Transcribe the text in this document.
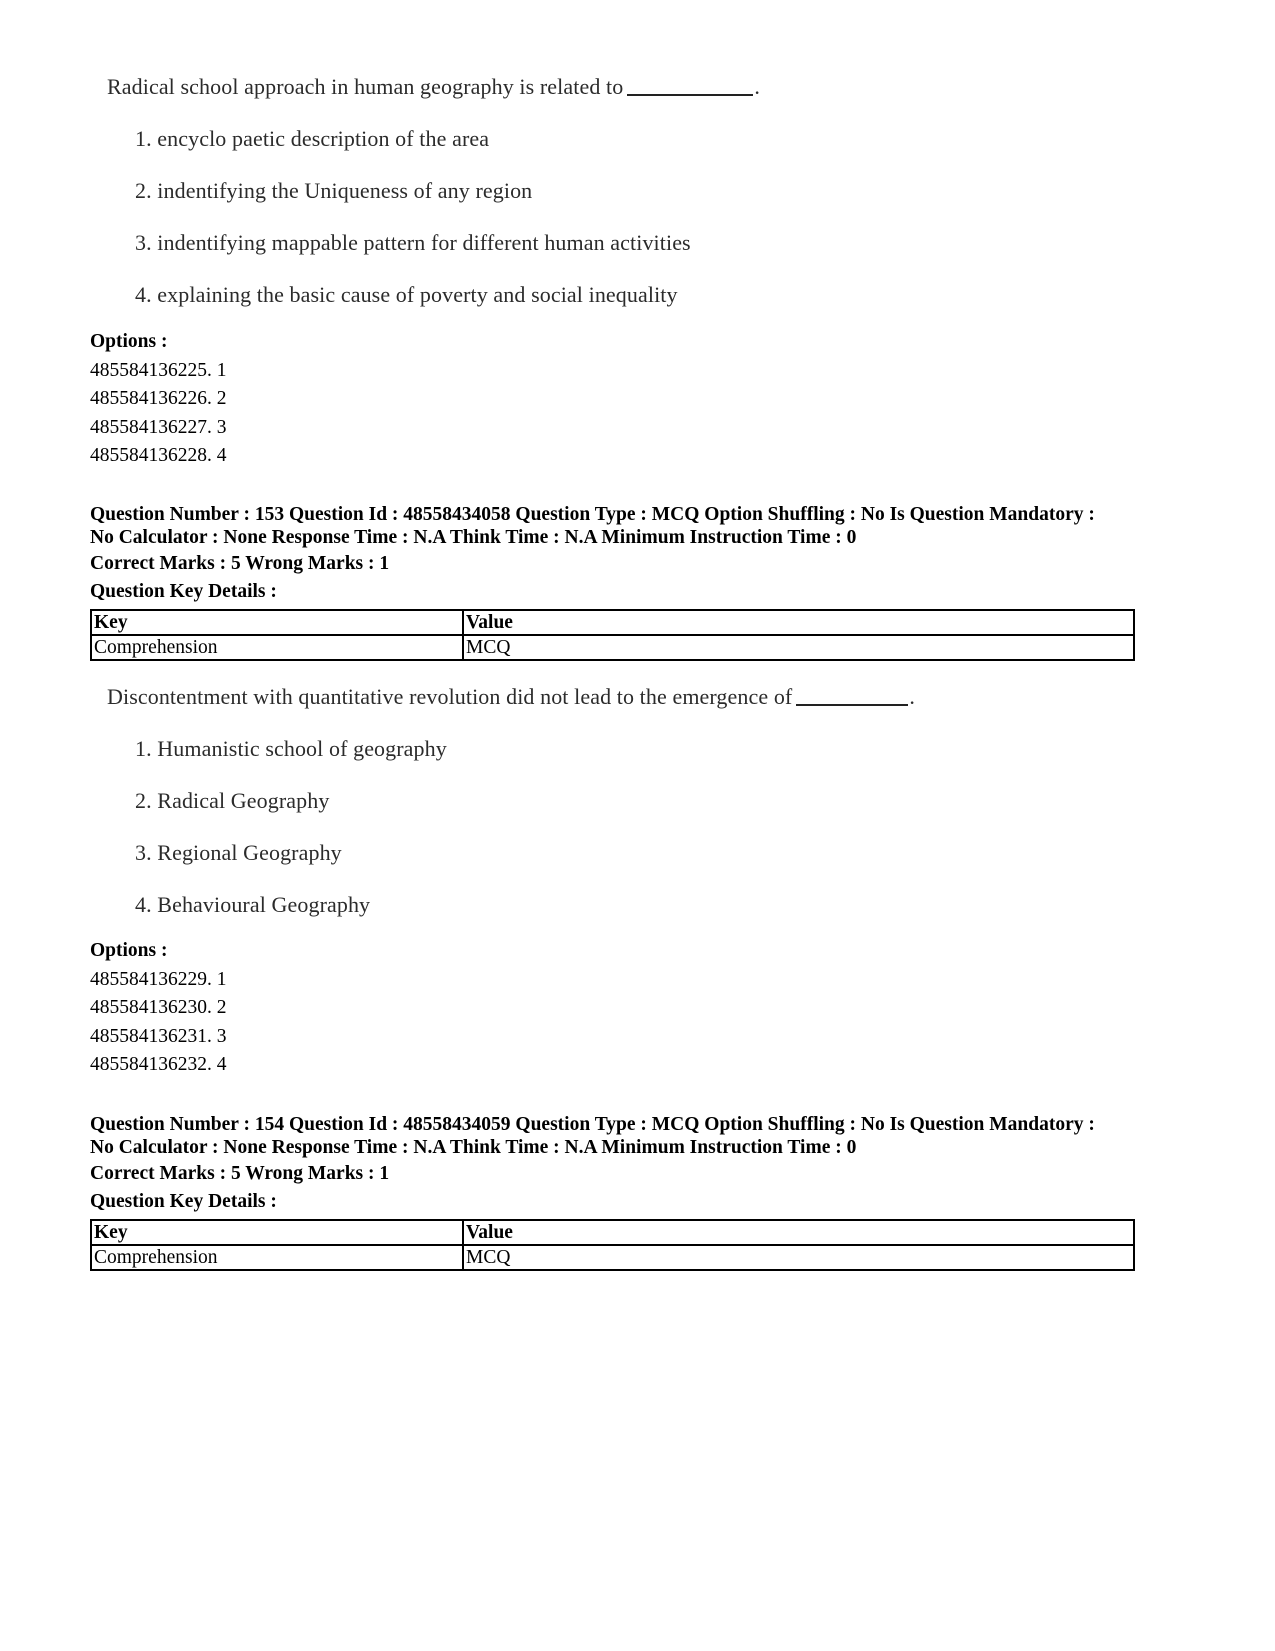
Radical school approach in human geography is related to	.
1. encyclo paetic description of the area
2. indentifying the Uniqueness of any region
3. indentifying mappable pattern for different human activities
4. explaining the basic cause of poverty and social inequality
Options :
485584136225. 1
485584136226. 2
485584136227. 3
485584136228. 4
Question Number : 153 Question Id : 48558434058 Question Type : MCQ Option Shuffling : No Is Question Mandatory :
No Calculator : None Response Time : N.A Think Time : N.A Minimum Instruction Time : 0
Correct Marks : 5 Wrong Marks : 1
Question Key Details :
Key	Value
Comprehension	MCQ
Discontentment with quantitative revolution did not lead to the emergence of	.
1. Humanistic school of geography
2. Radical Geography
3. Regional Geography
4. Behavioural Geography
Options :
485584136229. 1
485584136230. 2
485584136231. 3
485584136232. 4
Question Number : 154 Question Id : 48558434059 Question Type : MCQ Option Shuffling : No Is Question Mandatory :
No Calculator : None Response Time : N.A Think Time : N.A Minimum Instruction Time : 0
Correct Marks : 5 Wrong Marks : 1
Question Key Details :
Key	Value
Comprehension	MCQ
